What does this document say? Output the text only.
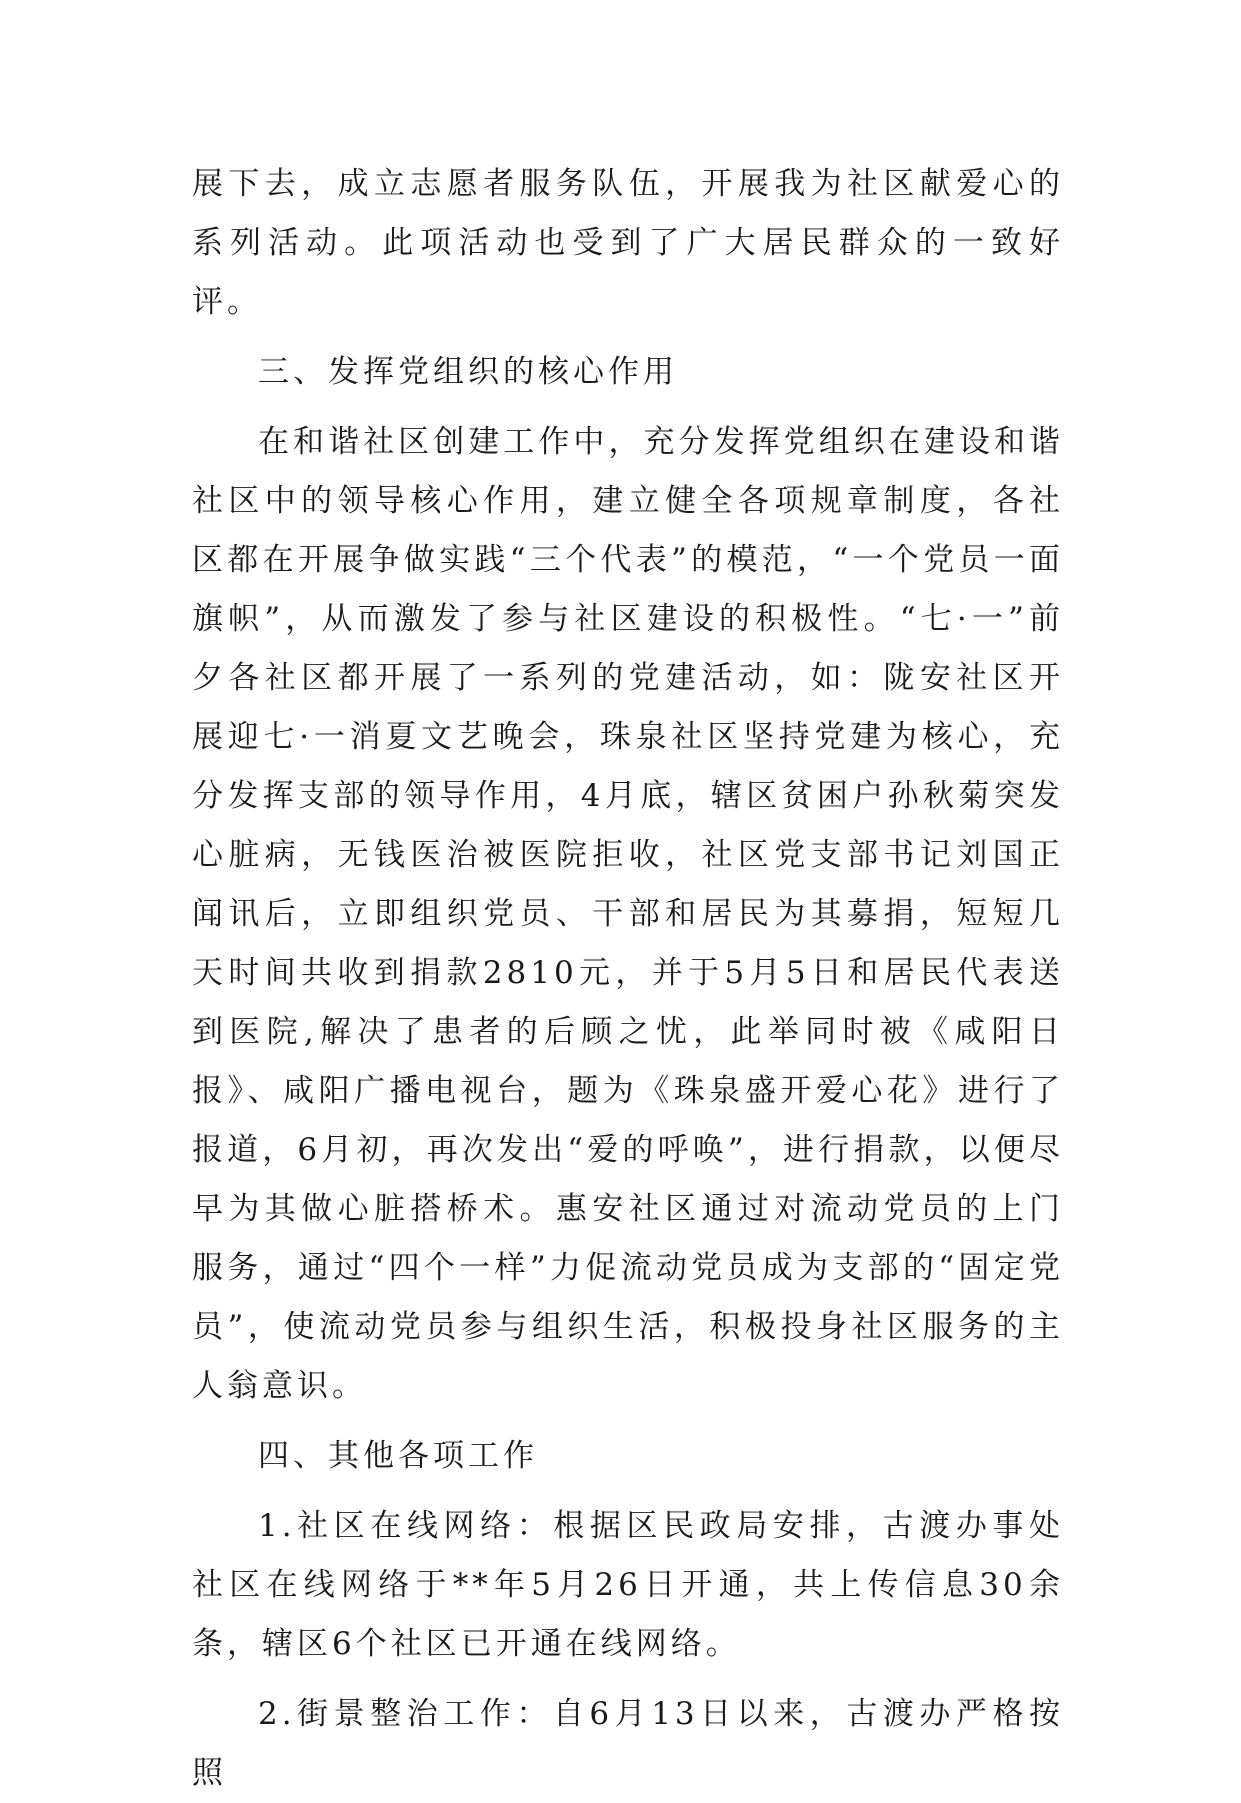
展下去，成立志愿者服务队伍，开展我为社区献爱心的系列活动。此项活动也受到了广大居民群众的一致好评。

三、发挥党组织的核心作用

在和谐社区创建工作中，充分发挥党组织在建设和谐社区中的领导核心作用，建立健全各项规章制度，各社区都在开展争做实践“三个代表”的模范，“一个党员一面旗帜”，从而激发了参与社区建设的积极性。“七·一”前夕各社区都开展了一系列的党建活动，如：陇安社区开展迎七·一消夏文艺晚会，珠泉社区坚持党建为核心，充分发挥支部的领导作用，4月底，辖区贫困户孙秋菊突发心脏病，无钱医治被医院拒收，社区党支部书记刘国正闻讯后，立即组织党员、干部和居民为其募捐，短短几天时间共收到捐款2810元，并于5月5日和居民代表送到医院,解决了患者的后顾之忧，此举同时被《咸阳日报》、咸阳广播电视台，题为《珠泉盛开爱心花》进行了报道，6月初，再次发出“爱的呼唤”，进行捐款，以便尽早为其做心脏搭桥术。惠安社区通过对流动党员的上门服务，通过“四个一样”力促流动党员成为支部的“固定党员”，使流动党员参与组织生活，积极投身社区服务的主人翁意识。

四、其他各项工作

1.社区在线网络：根据区民政局安排，古渡办事处社区在线网络于**年5月26日开通，共上传信息30余条，辖区6个社区已开通在线网络。

2.街景整治工作：自6月13日以来，古渡办严格按照
